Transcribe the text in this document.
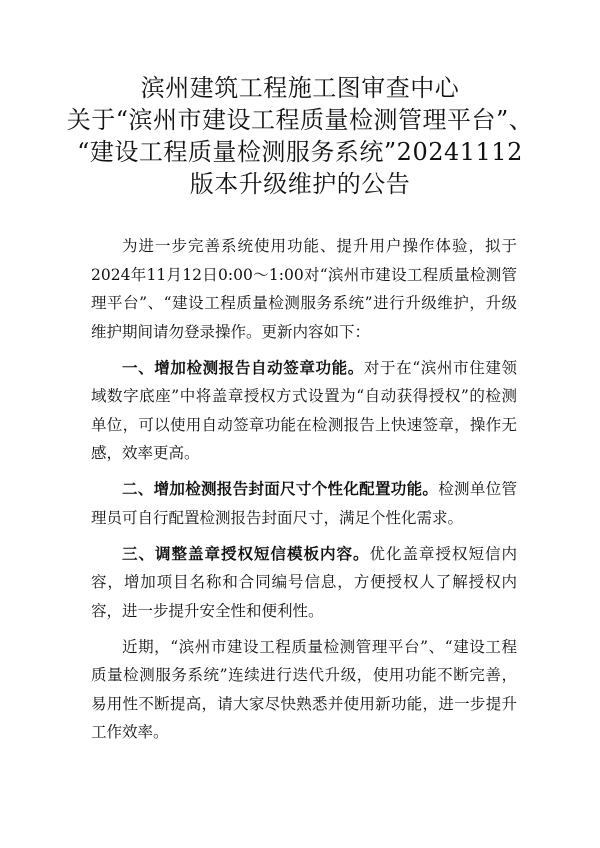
滨州建筑工程施工图审查中心
关于“滨州市建设工程质量检测管理平台”、
“建设工程质量检测服务系统”20241112
版本升级维护的公告

为进一步完善系统使用功能、提升用户操作体验，拟于2024年11月12日0:00～1:00对“滨州市建设工程质量检测管理平台”、“建设工程质量检测服务系统”进行升级维护，升级维护期间请勿登录操作。更新内容如下：

一、增加检测报告自动签章功能。对于在“滨州市住建领域数字底座”中将盖章授权方式设置为“自动获得授权”的检测单位，可以使用自动签章功能在检测报告上快速签章，操作无感，效率更高。

二、增加检测报告封面尺寸个性化配置功能。检测单位管理员可自行配置检测报告封面尺寸，满足个性化需求。

三、调整盖章授权短信模板内容。优化盖章授权短信内容，增加项目名称和合同编号信息，方便授权人了解授权内容，进一步提升安全性和便利性。

近期，“滨州市建设工程质量检测管理平台”、“建设工程质量检测服务系统”连续进行迭代升级，使用功能不断完善，易用性不断提高，请大家尽快熟悉并使用新功能，进一步提升工作效率。
